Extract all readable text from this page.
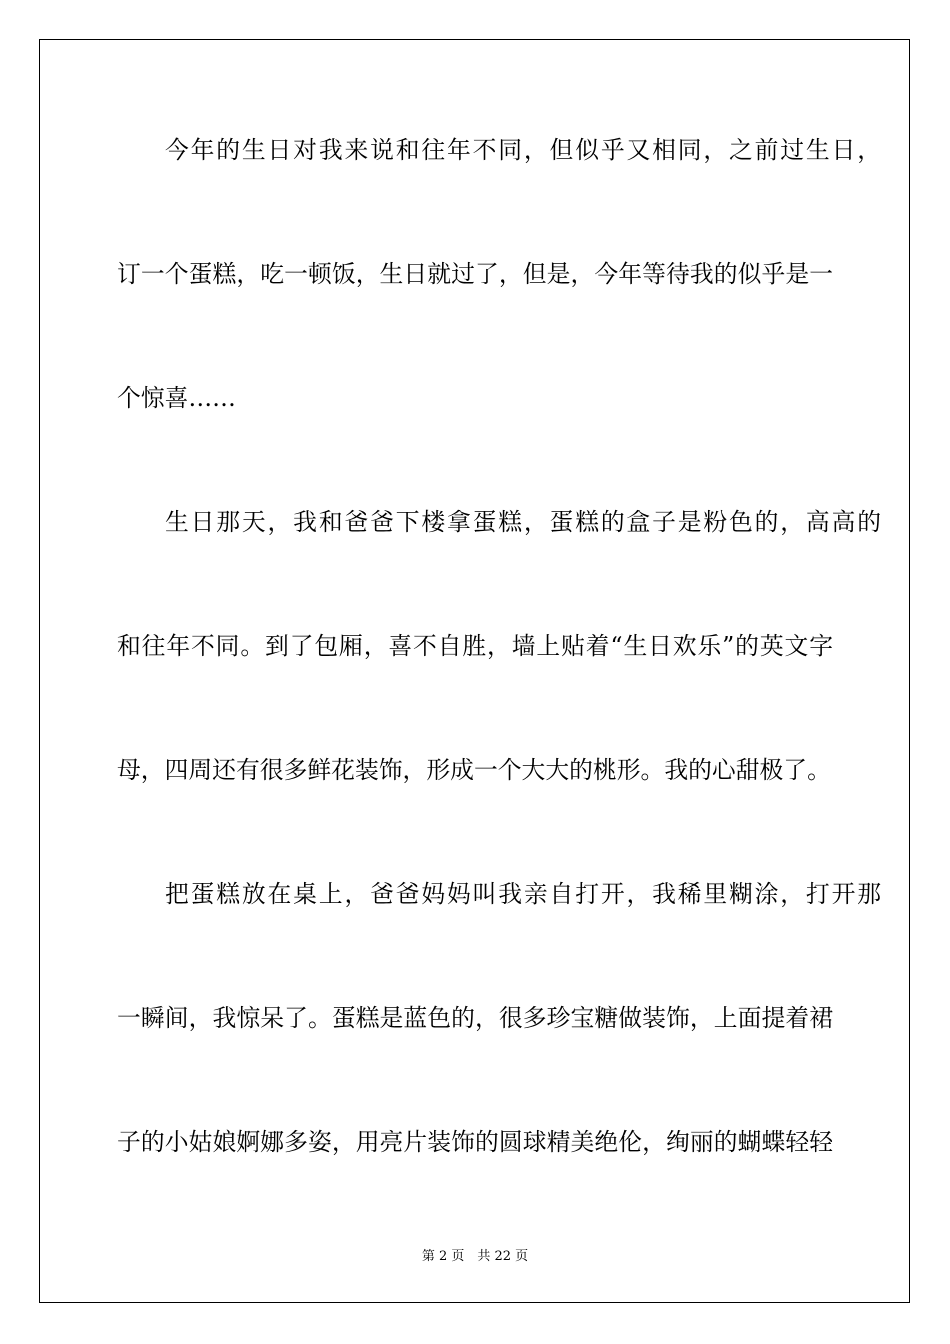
今年的生日对我来说和往年不同，但似乎又相同，之前过生日，

订一个蛋糕，吃一顿饭，生日就过了，但是，今年等待我的似乎是一

个惊喜……

生日那天，我和爸爸下楼拿蛋糕，蛋糕的盒子是粉色的，高高的

和往年不同。到了包厢，喜不自胜，墙上贴着“生日欢乐”的英文字

母，四周还有很多鲜花装饰，形成一个大大的桃形。我的心甜极了。

把蛋糕放在桌上，爸爸妈妈叫我亲自打开，我稀里糊涂，打开那

一瞬间，我惊呆了。蛋糕是蓝色的，很多珍宝糖做装饰，上面提着裙

子的小姑娘婀娜多姿，用亮片装饰的圆球精美绝伦，绚丽的蝴蝶轻轻

第 2 页　共 22 页
